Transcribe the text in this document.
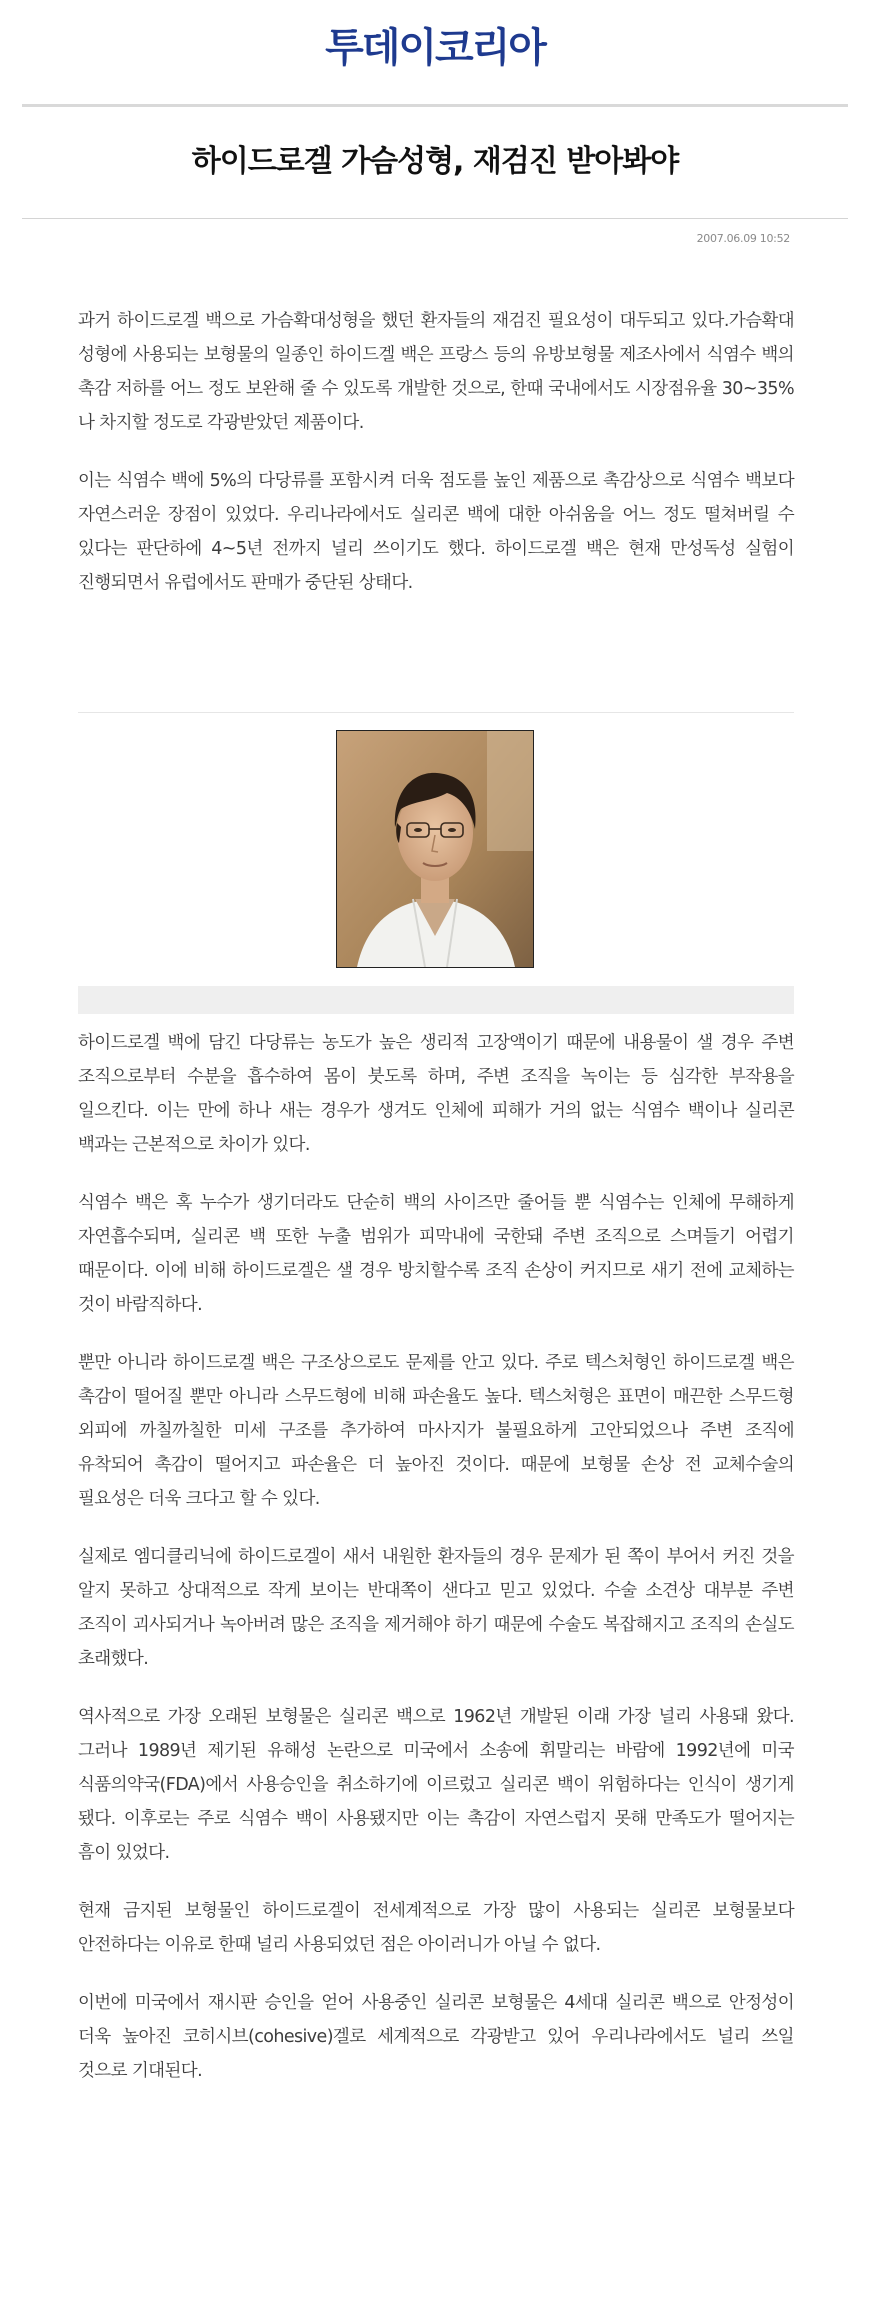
투데이코리아
하이드로겔 가슴성형, 재검진 받아봐야
2007.06.09 10:52

과거 하이드로겔 백으로 가슴확대성형을 했던 환자들의 재검진 필요성이 대두되고 있다.가슴확대 성형에 사용되는 보형물의 일종인 하이드겔 백은 프랑스 등의 유방보형물 제조사에서 식염수 백의 촉감 저하를 어느 정도 보완해 줄 수 있도록 개발한 것으로, 한때 국내에서도 시장점유율 30~35%나 차지할 정도로 각광받았던 제품이다.

이는 식염수 백에 5%의 다당류를 포함시켜 더욱 점도를 높인 제품으로 촉감상으로 식염수 백보다 자연스러운 장점이 있었다. 우리나라에서도 실리콘 백에 대한 아쉬움을 어느 정도 떨쳐버릴 수 있다는 판단하에 4~5년 전까지 널리 쓰이기도 했다. 하이드로겔 백은 현재 만성독성 실험이 진행되면서 유럽에서도 판매가 중단된 상태다.

하이드로겔 백에 담긴 다당류는 농도가 높은 생리적 고장액이기 때문에 내용물이 샐 경우 주변 조직으로부터 수분을 흡수하여 몸이 붓도록 하며, 주변 조직을 녹이는 등 심각한 부작용을 일으킨다. 이는 만에 하나 새는 경우가 생겨도 인체에 피해가 거의 없는 식염수 백이나 실리콘 백과는 근본적으로 차이가 있다.

식염수 백은 혹 누수가 생기더라도 단순히 백의 사이즈만 줄어들 뿐 식염수는 인체에 무해하게 자연흡수되며, 실리콘 백 또한 누출 범위가 피막내에 국한돼 주변 조직으로 스며들기 어렵기 때문이다. 이에 비해 하이드로겔은 샐 경우 방치할수록 조직 손상이 커지므로 새기 전에 교체하는 것이 바람직하다.

뿐만 아니라 하이드로겔 백은 구조상으로도 문제를 안고 있다. 주로 텍스처형인 하이드로겔 백은 촉감이 떨어질 뿐만 아니라 스무드형에 비해 파손율도 높다. 텍스처형은 표면이 매끈한 스무드형 외피에 까칠까칠한 미세 구조를 추가하여 마사지가 불필요하게 고안되었으나 주변 조직에 유착되어 촉감이 떨어지고 파손율은 더 높아진 것이다. 때문에 보형물 손상 전 교체수술의 필요성은 더욱 크다고 할 수 있다.

실제로 엠디클리닉에 하이드로겔이 새서 내원한 환자들의 경우 문제가 된 쪽이 부어서 커진 것을 알지 못하고 상대적으로 작게 보이는 반대쪽이 샌다고 믿고 있었다. 수술 소견상 대부분 주변 조직이 괴사되거나 녹아버려 많은 조직을 제거해야 하기 때문에 수술도 복잡해지고 조직의 손실도 초래했다.

역사적으로 가장 오래된 보형물은 실리콘 백으로 1962년 개발된 이래 가장 널리 사용돼 왔다. 그러나 1989년 제기된 유해성 논란으로 미국에서 소송에 휘말리는 바람에 1992년에 미국 식품의약국(FDA)에서 사용승인을 취소하기에 이르렀고 실리콘 백이 위험하다는 인식이 생기게 됐다. 이후로는 주로 식염수 백이 사용됐지만 이는 촉감이 자연스럽지 못해 만족도가 떨어지는 흠이 있었다.

현재 금지된 보형물인 하이드로겔이 전세계적으로 가장 많이 사용되는 실리콘 보형물보다 안전하다는 이유로 한때 널리 사용되었던 점은 아이러니가 아닐 수 없다.

이번에 미국에서 재시판 승인을 얻어 사용중인 실리콘 보형물은 4세대 실리콘 백으로 안정성이 더욱 높아진 코히시브(cohesive)겔로 세계적으로 각광받고 있어 우리나라에서도 널리 쓰일 것으로 기대된다.
